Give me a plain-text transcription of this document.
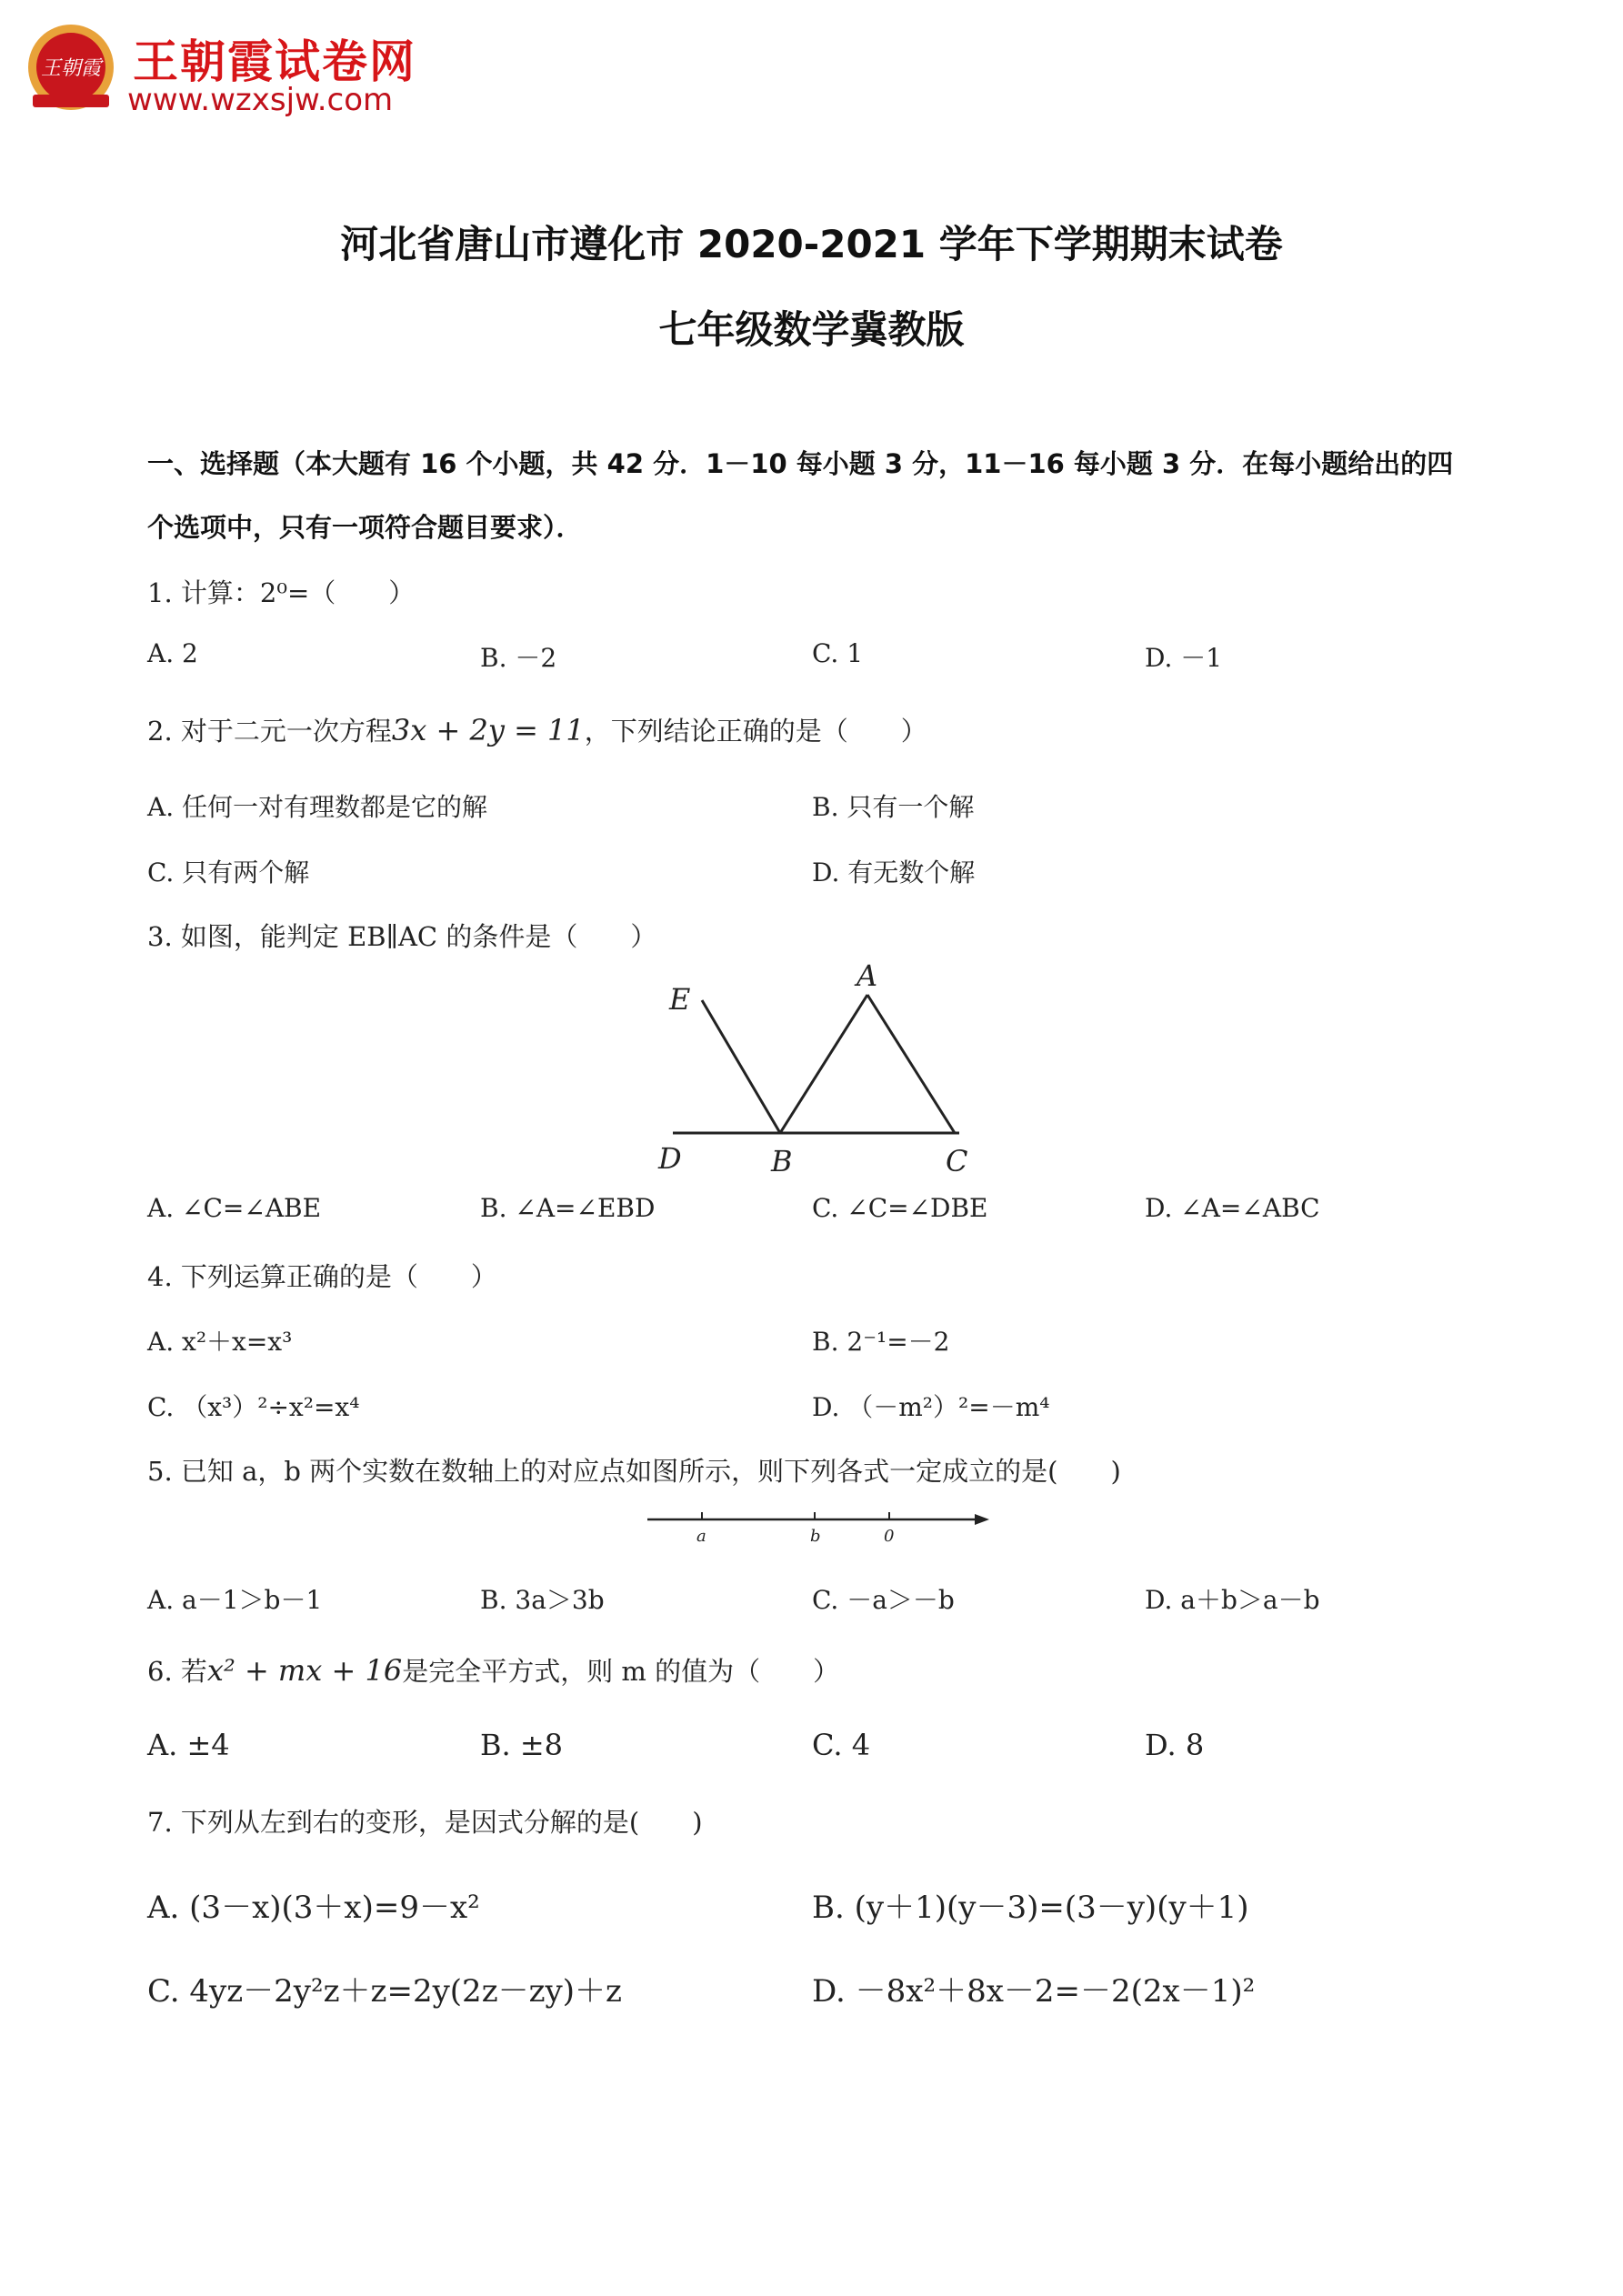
王朝霞 王朝霞试卷网
www.wzxsjw.com
河北省唐山市遵化市 2020-2021 学年下学期期末试卷
七年级数学冀教版
一、选择题（本大题有 16 个小题，共 42 分．1－10 每小题 3 分，11－16 每小题 3 分．在每小题给出的四
个选项中，只有一项符合题目要求）．
1. 计算：2⁰=（　　）
A. 2	B. －2	C. 1	D. －1
2. 对于二元一次方程3x + 2y = 11，下列结论正确的是（　　）
A. 任何一对有理数都是它的解	B. 只有一个解
C. 只有两个解	D. 有无数个解
3. 如图，能判定 EB∥AC 的条件是（　　）
E
A
D	B	C
A. ∠C=∠ABE	B. ∠A=∠EBD	C. ∠C=∠DBE	D. ∠A=∠ABC
4. 下列运算正确的是（　　）
A. x²＋x=x³	B. 2⁻¹=－2
C. （x³）²÷x²=x⁴	D. （－m²）²=－m⁴
5. 已知 a，b 两个实数在数轴上的对应点如图所示，则下列各式一定成立的是(　　)
a	b	0
A. a－1＞b－1	B. 3a＞3b	C. －a＞－b	D. a＋b＞a－b
6. 若x² + mx + 16是完全平方式，则 m 的值为（　　）
A. ±4	B. ±8	C. 4	D. 8
7. 下列从左到右的变形，是因式分解的是(　　)
A. (3－x)(3＋x)=9－x²	B. (y＋1)(y－3)=(3－y)(y＋1)
C. 4yz－2y²z＋z=2y(2z－zy)＋z	D. －8x²＋8x－2=－2(2x－1)²
